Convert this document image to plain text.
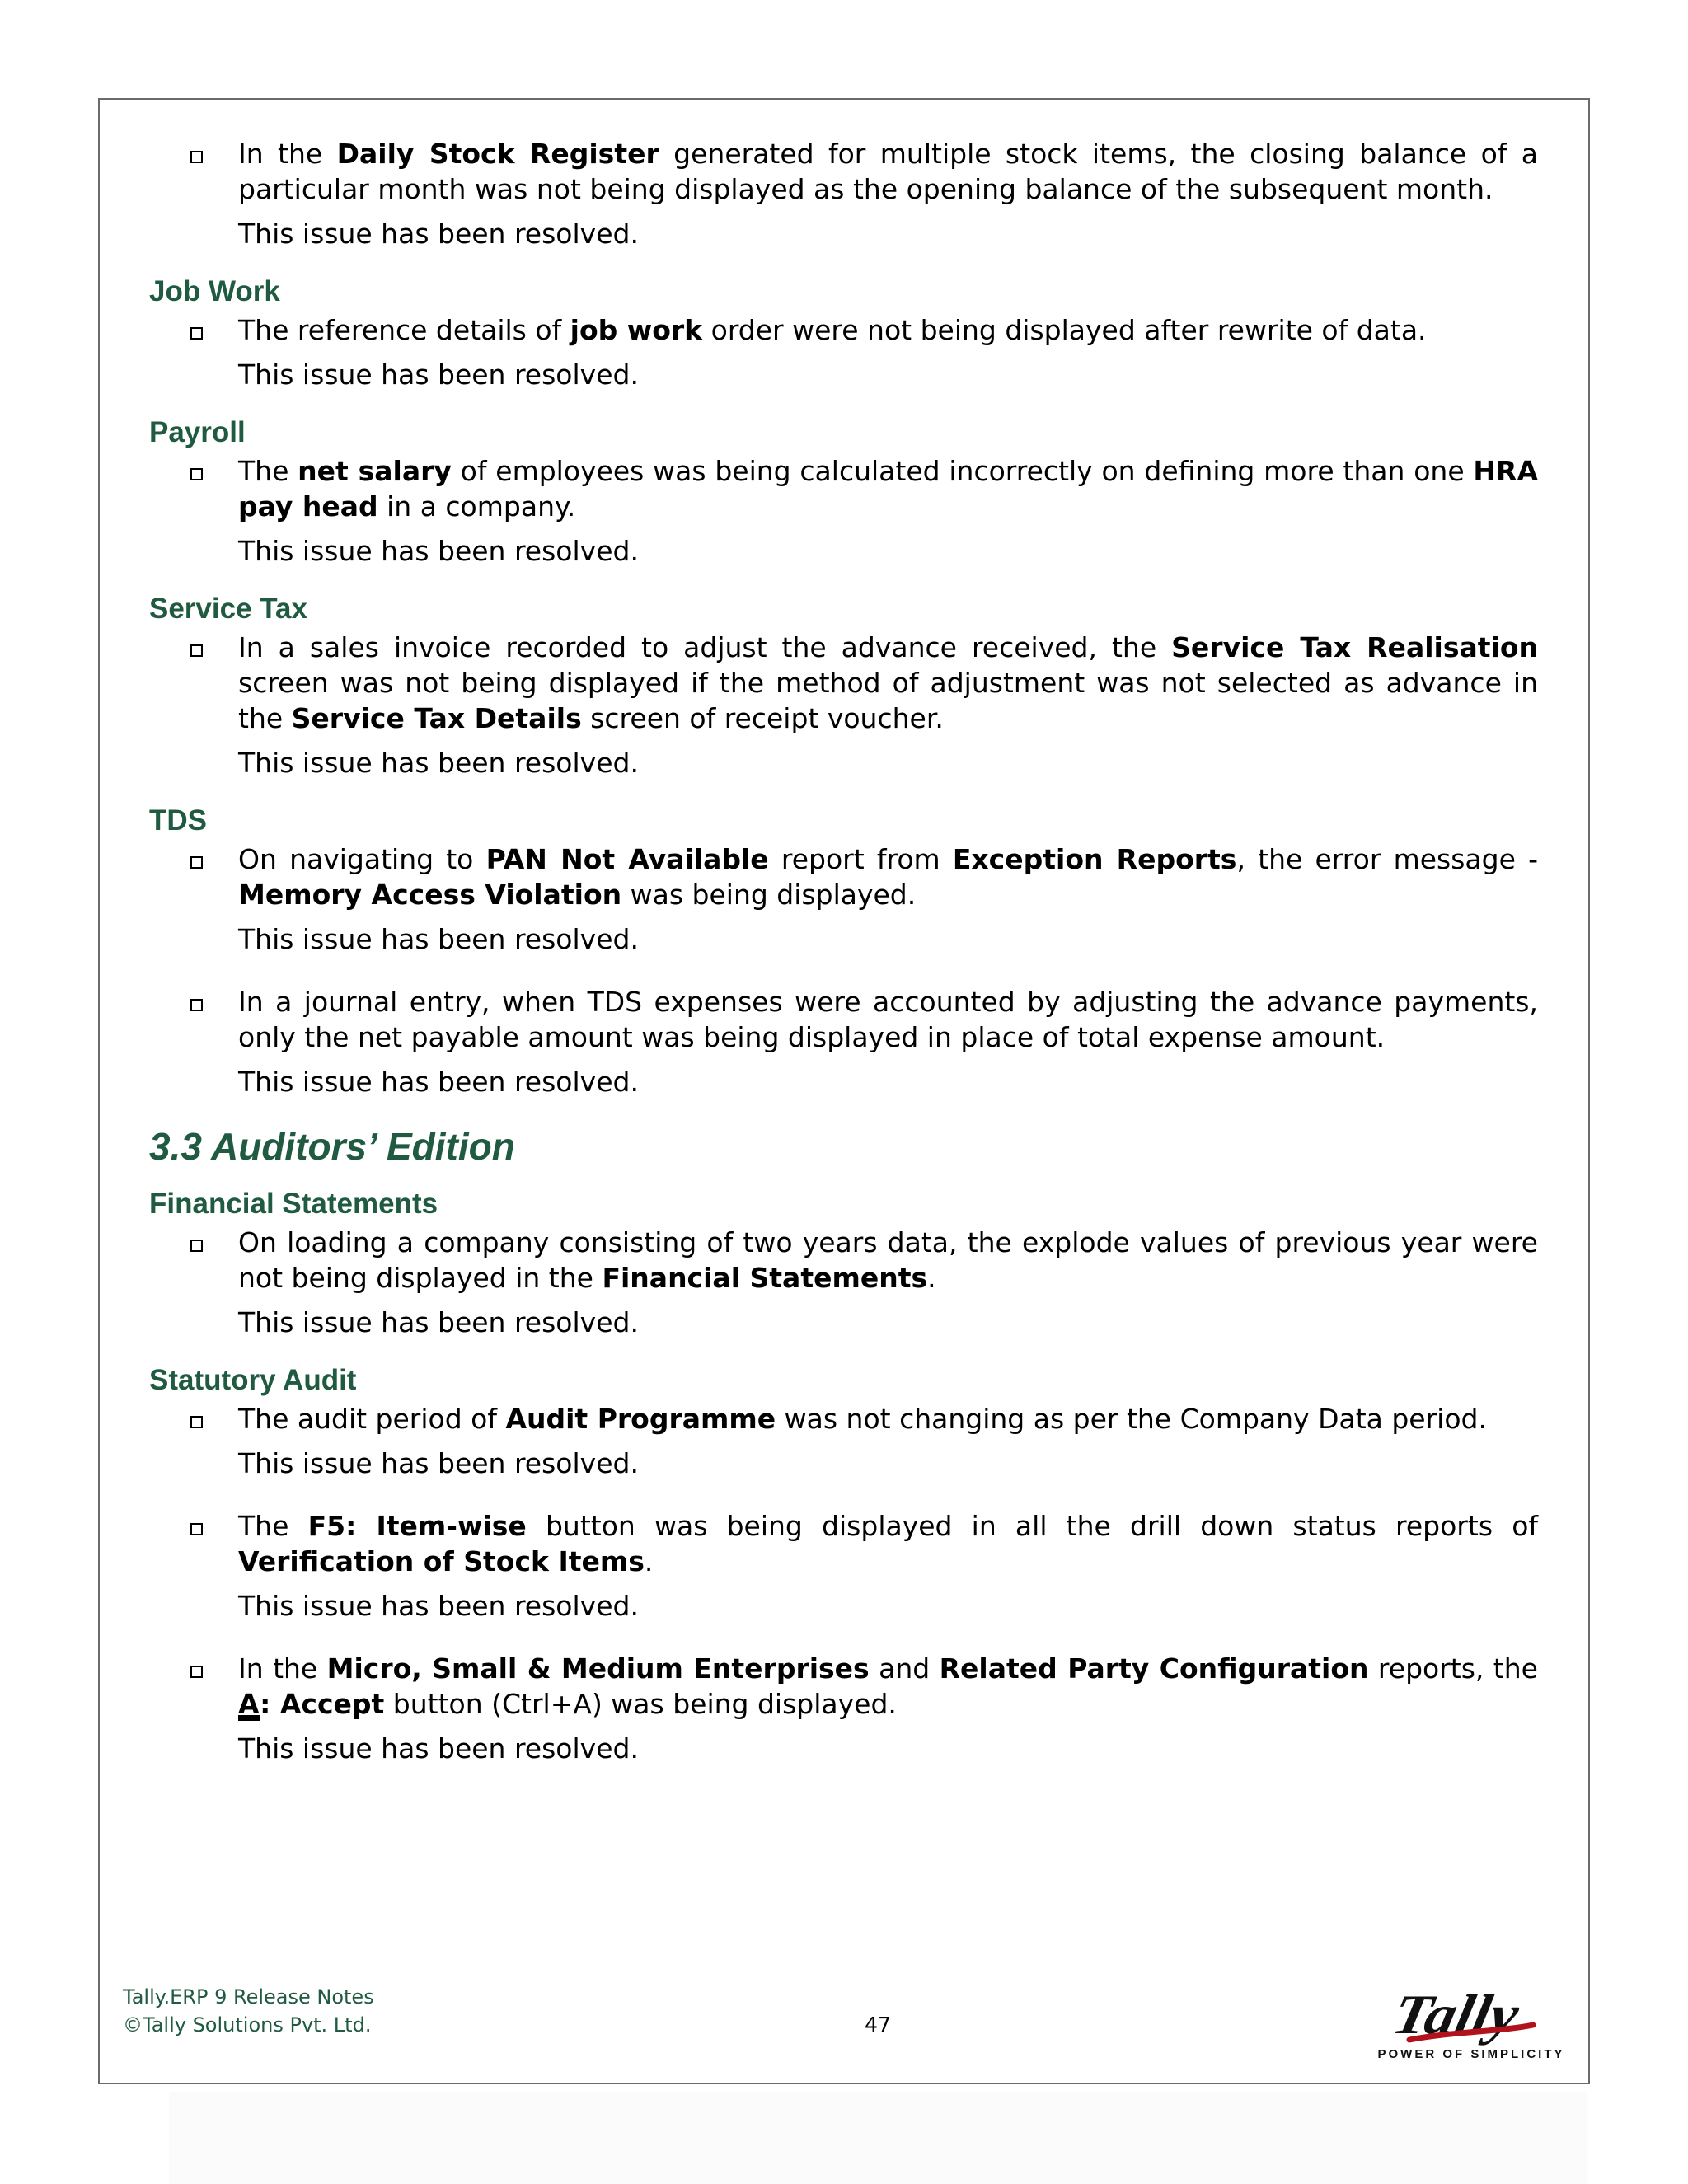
In the Daily Stock Register generated for multiple stock items, the closing balance of a particular month was not being displayed as the opening balance of the subsequent month.

This issue has been resolved.

Job Work

The reference details of job work order were not being displayed after rewrite of data.

This issue has been resolved.

Payroll

The net salary of employees was being calculated incorrectly on defining more than one HRA pay head in a company.

This issue has been resolved.

Service Tax

In a sales invoice recorded to adjust the advance received, the Service Tax Realisation screen was not being displayed if the method of adjustment was not selected as advance in the Service Tax Details screen of receipt voucher.

This issue has been resolved.

TDS

On navigating to PAN Not Available report from Exception Reports, the error message - Memory Access Violation was being displayed.

This issue has been resolved.

In a journal entry, when TDS expenses were accounted by adjusting the advance payments, only the net payable amount was being displayed in place of total expense amount.

This issue has been resolved.

3.3 Auditors’ Edition
Financial Statements

On loading a company consisting of two years data, the explode values of previous year were not being displayed in the Financial Statements.

This issue has been resolved.

Statutory Audit

The audit period of Audit Programme was not changing as per the Company Data period.

This issue has been resolved.

The F5: Item-wise button was being displayed in all the drill down status reports of Verification of Stock Items.

This issue has been resolved.

In the Micro, Small & Medium Enterprises and Related Party Configuration reports, the A: Accept button (Ctrl+A) was being displayed.

This issue has been resolved.

Tally.ERP 9 Release Notes
©Tally Solutions Pvt. Ltd.	47	Tally
POWER OF SIMPLICITY
